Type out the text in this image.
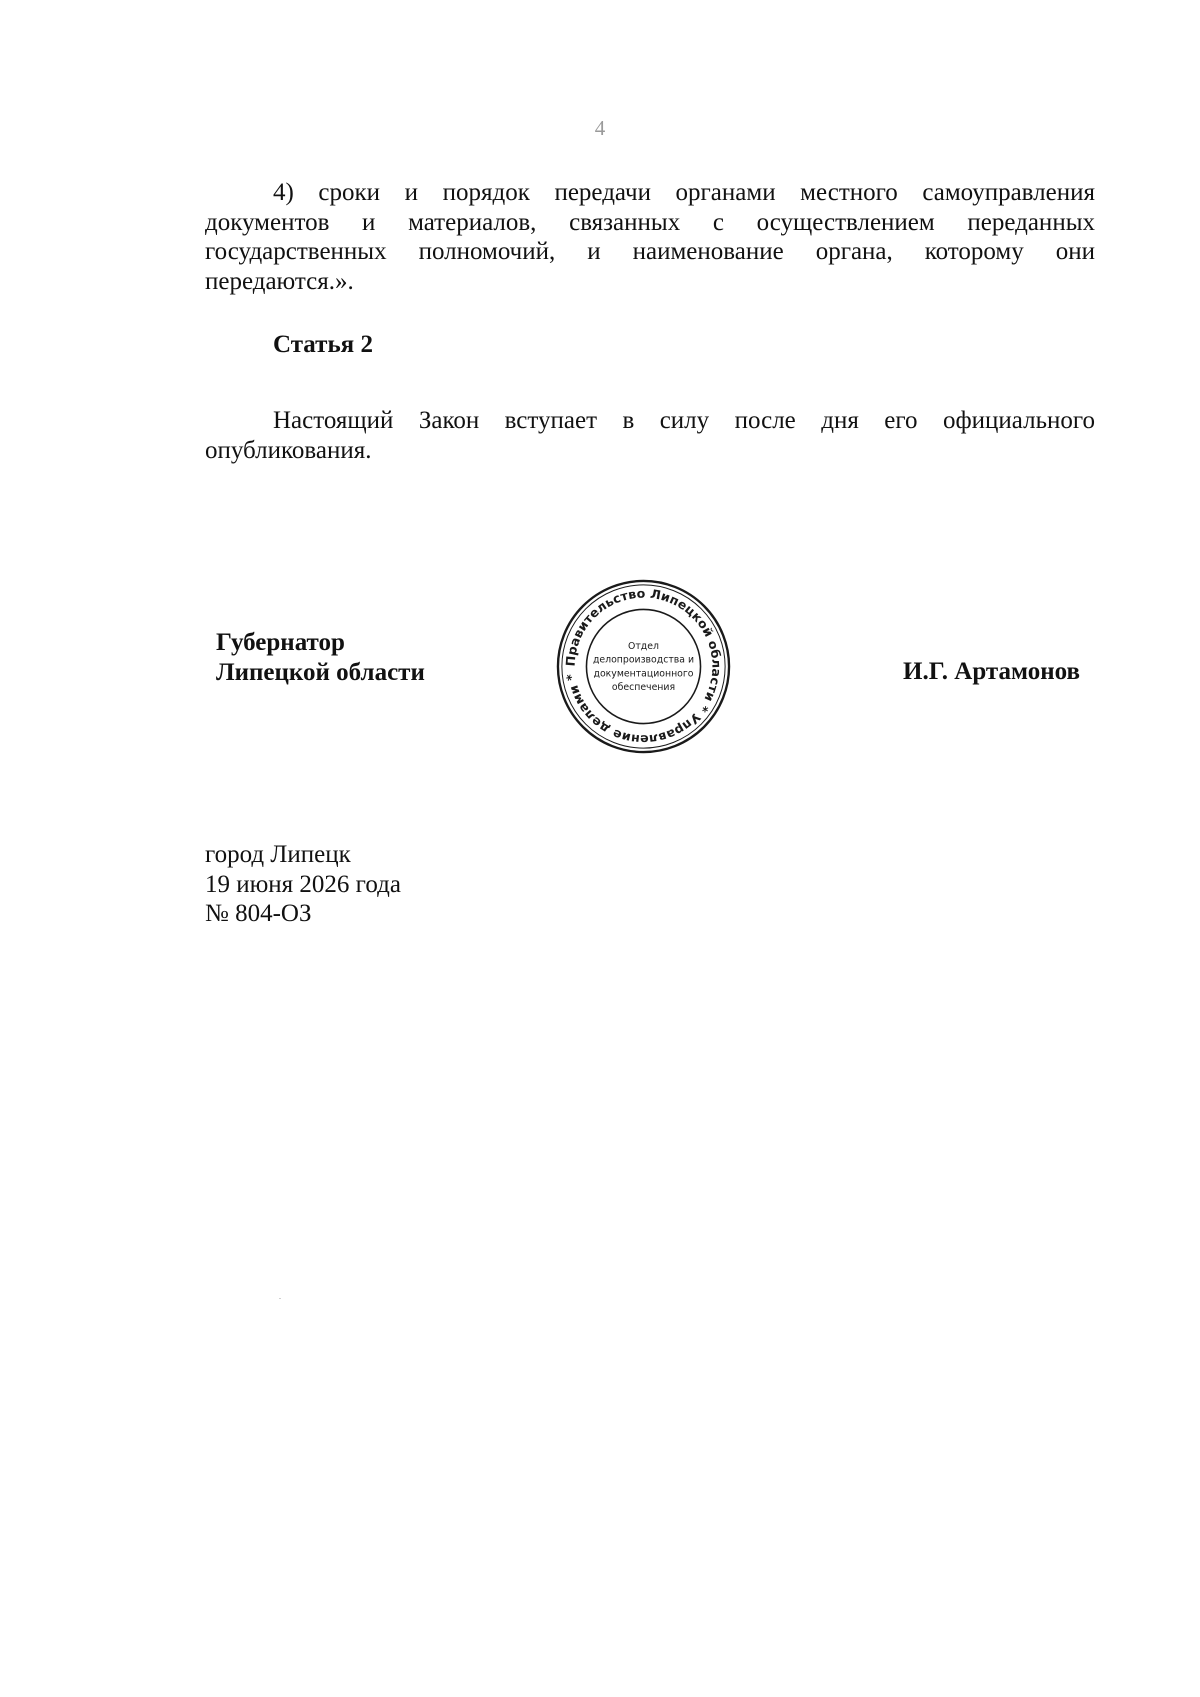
4
4) сроки и порядок передачи органами местного самоуправления документов и материалов, связанных с осуществлением переданных государственных полномочий, и наименование органа, которому они передаются.».
Статья 2
Настоящий Закон вступает в силу после дня его официального опубликования.
Губернатор
Липецкой области	Правительство Липецкой области * Управление делами *
Отдел
делопроизводства и
документационного
обеспечения
И.Г. Артамонов
город Липецк
19 июня 2026 года
№ 804-ОЗ
